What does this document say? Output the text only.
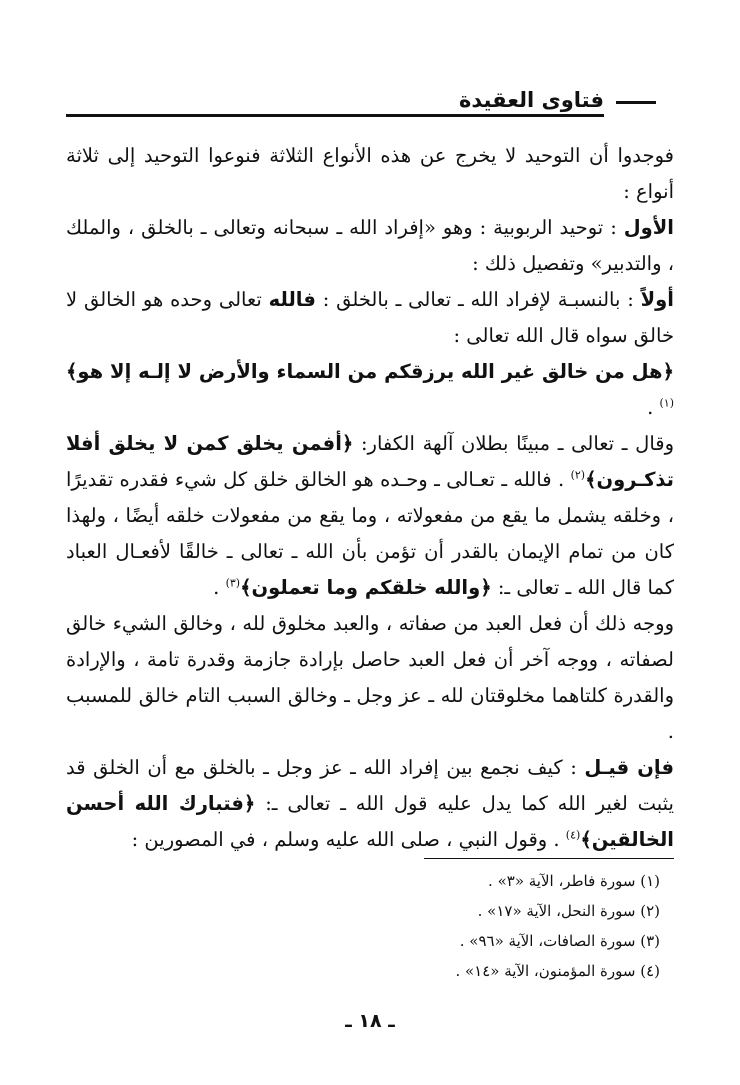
فتاوى العقيدة

فوجدوا أن التوحيد لا يخرج عن هذه الأنواع الثلاثة فنوعوا التوحيد إلى ثلاثة أنواع :

الأول : توحيد الربوبية : وهو «إفراد الله ـ سبحانه وتعالى ـ بالخلق ، والملك ، والتدبير» وتفصيل ذلك :

أولاً : بالنسبـة لإفراد الله ـ تعالى ـ بالخلق : فالله تعالى وحده هو الخالق لا خالق سواه قال الله تعالى :

﴿هل من خالق غير الله يرزقكم من السماء والأرض لا إلـه إلا هو﴾$^{(١)}$ .

وقال ـ تعالى ـ مبينًا بطلان آلهة الكفار: ﴿أفمن يخلق كمن لا يخلق أفلا تذكـرون﴾$^{(٢)}$ . فالله ـ تعـالى ـ وحـده هو الخالق خلق كل شيء فقدره تقديرًا ، وخلقه يشمل ما يقع من مفعولاته ، وما يقع من مفعولات خلقه أيضًا ، ولهذا كان من تمام الإيمان بالقدر أن تؤمن بأن الله ـ تعالى ـ خالقًا لأفعـال العباد كما قال الله ـ تعالى ـ: ﴿والله خلقكم وما تعملون﴾$^{(٣)}$ .

ووجه ذلك أن فعل العبد من صفاته ، والعبد مخلوق لله ، وخالق الشيء خالق لصفاته ، ووجه آخر أن فعل العبد حاصل بإرادة جازمة وقدرة تامة ، والإرادة والقدرة كلتاهما مخلوقتان لله ـ عز وجل ـ وخالق السبب التام خالق للمسبب .

فإن قيـل : كيف نجمع بين إفراد الله ـ عز وجل ـ بالخلق مع أن الخلق قد يثبت لغير الله كما يدل عليه قول الله ـ تعالى ـ: ﴿فتبارك الله أحسن الخالقين﴾$^{(٤)}$ . وقول النبي ، صلى الله عليه وسلم ، في المصورين :

(١) سورة فاطر، الآية «٣» .

(٢) سورة النحل، الآية «١٧» .

(٣) سورة الصافات، الآية «٩٦» .

(٤) سورة المؤمنون، الآية «١٤» .

ـ ١٨ ـ
